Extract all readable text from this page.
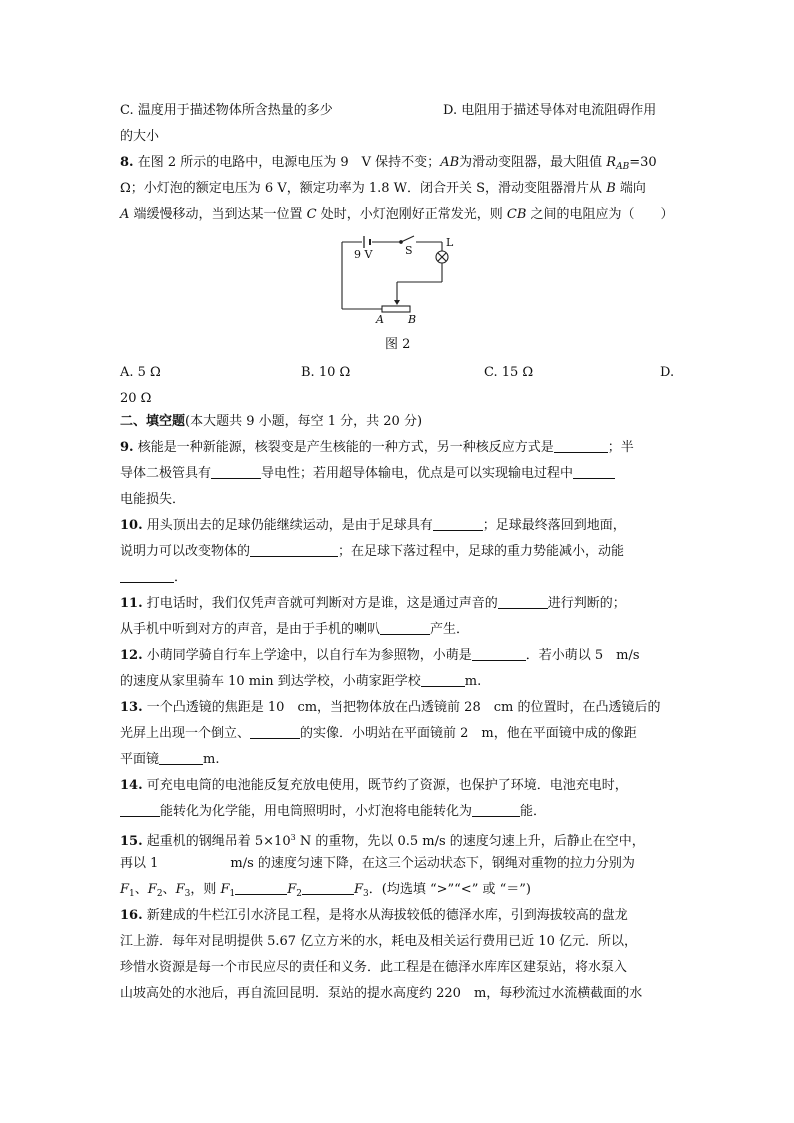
C. 温度用于描述物体所含热量的多少	D. 电阻用于描述导体对电流阻碍作用
的大小
8. 在图 2 所示的电路中，电源电压为 9　V 保持不变；AB为滑动变阻器，最大阻值 $R_{AB}=30$
Ω；小灯泡的额定电压为 6 V，额定功率为 1.8 W．闭合开关 S，滑动变阻器滑片从 B 端向
A 端缓慢移动，当到达某一位置 C 处时，小灯泡刚好正常发光，则 CB 之间的电阻应为（　　）
9 V	S
L
A B
图 2
A. 5 Ω	B. 10 Ω	C. 15 Ω	D.
20 Ω
二、填空题(本大题共 9 小题，每空 1 分，共 20 分)
9. 核能是一种新能源，核裂变是产生核能的一种方式，另一种核反应方式是	；半
导体二极管具有	导电性；若用超导体输电，优点是可以实现输电过程中
电能损失．
10. 用头顶出去的足球仍能继续运动，是由于足球具有	；足球最终落回到地面，
说明力可以改变物体的	；在足球下落过程中，足球的重力势能减小，动能
．
11. 打电话时，我们仅凭声音就可判断对方是谁，这是通过声音的	进行判断的；
从手机中听到对方的声音，是由于手机的喇叭	产生．
12. 小萌同学骑自行车上学途中，以自行车为参照物，小萌是	．若小萌以 5　m/s
的速度从家里骑车 10 min 到达学校，小萌家距学校	m.
13. 一个凸透镜的焦距是 10　cm，当把物体放在凸透镜前 28　cm 的位置时，在凸透镜后的
光屏上出现一个倒立、	的实像．小明站在平面镜前 2　m，他在平面镜中成的像距
平面镜	m.
14. 可充电电筒的电池能反复充放电使用，既节约了资源，也保护了环境．电池充电时，
能转化为化学能，用电筒照明时，小灯泡将电能转化为	能．
15. 起重机的钢绳吊着 $5\times 10^3$ N 的重物，先以 0.5 m/s 的速度匀速上升，后静止在空中，
再以 1	m/s 的速度匀速下降，在这三个运动状态下，钢绳对重物的拉力分别为
$F_1$、$F_2$、$F_3$，则 $F_1$	$F_2$	$F_3$．(均选填 “>”“<” 或 “＝”)
16. 新建成的牛栏江引水济昆工程，是将水从海拔较低的德泽水库，引到海拔较高的盘龙
江上游．每年对昆明提供 5.67 亿立方米的水，耗电及相关运行费用已近 10 亿元．所以，
珍惜水资源是每一个市民应尽的责任和义务．此工程是在德泽水库库区建泵站，将水泵入
山坡高处的水池后，再自流回昆明．泵站的提水高度约 220　m，每秒流过水流横截面的水
